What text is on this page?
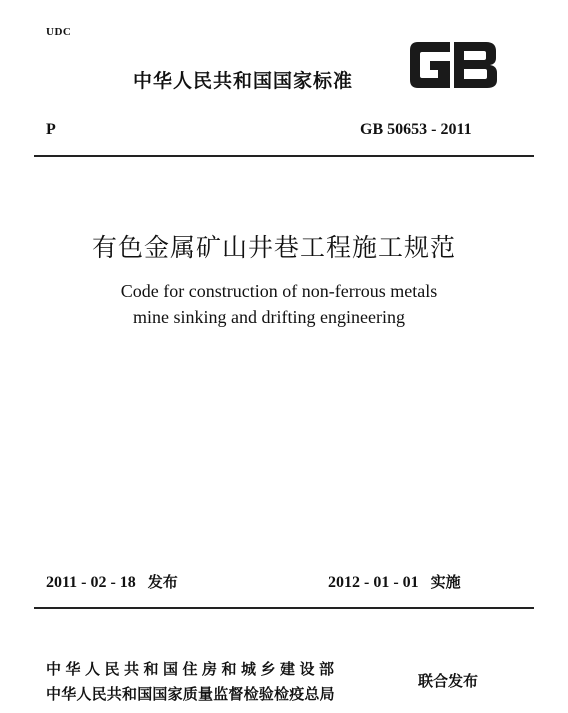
UDC
中华人民共和国国家标准
P	GB 50653 - 2011
有色金属矿山井巷工程施工规范
Code for construction of non-ferrous metals
mine sinking and drifting engineering
2011 - 02 - 18 发布	2012 - 01 - 01 实施
中华人民共和国住房和城乡建设部
中华人民共和国国家质量监督检验检疫总局
联合发布
